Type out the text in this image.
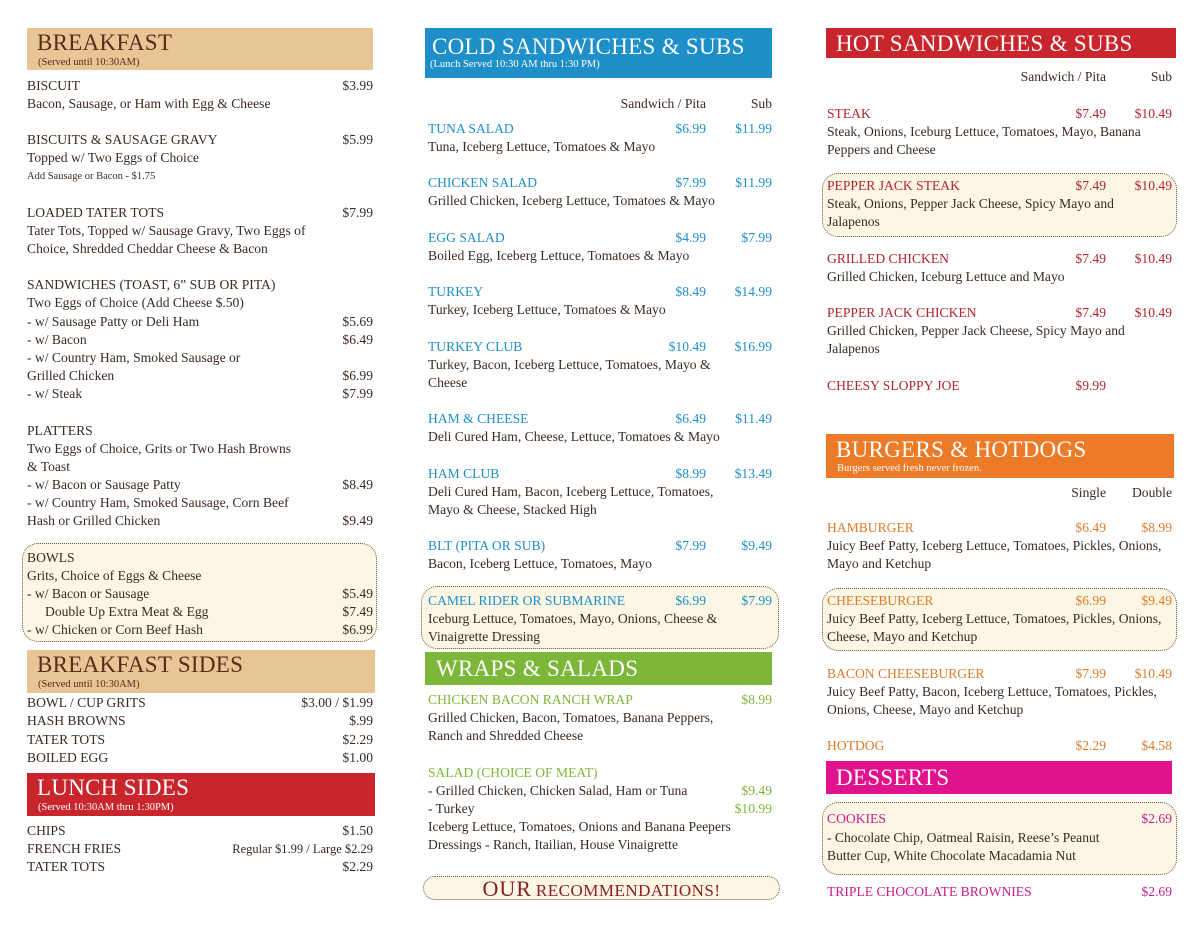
BREAKFAST
(Served until 10:30AM)
BISCUIT	$3.99
Bacon, Sausage, or Ham with Egg & Cheese
BISCUITS & SAUSAGE GRAVY	$5.99
Topped w/ Two Eggs of Choice
Add Sausage or Bacon - $1.75
LOADED TATER TOTS	$7.99
Tater Tots, Topped w/ Sausage Gravy, Two Eggs of
Choice, Shredded Cheddar Cheese & Bacon
SANDWICHES (TOAST, 6” SUB OR PITA)
Two Eggs of Choice (Add Cheese $.50)
- w/ Sausage Patty or Deli Ham	$5.69
- w/ Bacon	$6.49
- w/ Country Ham, Smoked Sausage or
Grilled Chicken	$6.99
- w/ Steak	$7.99
PLATTERS
Two Eggs of Choice, Grits or Two Hash Browns
& Toast
- w/ Bacon or Sausage Patty	$8.49
- w/ Country Ham, Smoked Sausage, Corn Beef
Hash or Grilled Chicken	$9.49
BOWLS
Grits, Choice of Eggs & Cheese
- w/ Bacon or Sausage	$5.49
Double Up Extra Meat & Egg	$7.49
- w/ Chicken or Corn Beef Hash	$6.99
BREAKFAST SIDES
(Served until 10:30AM)
BOWL / CUP GRITS	$3.00 / $1.99
HASH BROWNS	$.99
TATER TOTS	$2.29
BOILED EGG	$1.00
LUNCH SIDES
(Served 10:30AM thru 1:30PM)
CHIPS	$1.50
FRENCH FRIES	Regular $1.99 / Large $2.29
TATER TOTS	$2.29
COLD SANDWICHES & SUBS
(Lunch Served 10:30 AM thru 1:30 PM)
Sandwich / Pita	Sub
TUNA SALAD	$6.99 $11.99
Tuna, Iceberg Lettuce, Tomatoes & Mayo
CHICKEN SALAD	$7.99 $11.99
Grilled Chicken, Iceberg Lettuce, Tomatoes & Mayo
EGG SALAD	$4.99	$7.99
Boiled Egg, Iceberg Lettuce, Tomatoes & Mayo
TURKEY	$8.49 $14.99
Turkey, Iceberg Lettuce, Tomatoes & Mayo
TURKEY CLUB	$10.49 $16.99
Turkey, Bacon, Iceberg Lettuce, Tomatoes, Mayo &
Cheese
HAM & CHEESE	$6.49 $11.49
Deli Cured Ham, Cheese, Lettuce, Tomatoes & Mayo
HAM CLUB	$8.99 $13.49
Deli Cured Ham, Bacon, Iceberg Lettuce, Tomatoes,
Mayo & Cheese, Stacked High
BLT (PITA OR SUB)	$7.99	$9.49
Bacon, Iceberg Lettuce, Tomatoes, Mayo
CAMEL RIDER OR SUBMARINE	$6.99	$7.99
Iceburg Lettuce, Tomatoes, Mayo, Onions, Cheese &
Vinaigrette Dressing
WRAPS & SALADS
CHICKEN BACON RANCH WRAP	$8.99
Grilled Chicken, Bacon, Tomatoes, Banana Peppers,
Ranch and Shredded Cheese
SALAD (CHOICE OF MEAT)
- Grilled Chicken, Chicken Salad, Ham or Tuna	$9.49
- Turkey	$10.99
Iceberg Lettuce, Tomatoes, Onions and Banana Peepers
Dressings - Ranch, Itailian, House Vinaigrette
OUR RECOMMENDATIONS!
HOT SANDWICHES & SUBS
Sandwich / Pita	Sub
STEAK	$7.49 $10.49
Steak, Onions, Iceburg Lettuce, Tomatoes, Mayo, Banana
Peppers and Cheese
PEPPER JACK STEAK	$7.49 $10.49
Steak, Onions, Pepper Jack Cheese, Spicy Mayo and
Jalapenos
GRILLED CHICKEN	$7.49 $10.49
Grilled Chicken, Iceburg Lettuce and Mayo
PEPPER JACK CHICKEN	$7.49 $10.49
Grilled Chicken, Pepper Jack Cheese, Spicy Mayo and
Jalapenos
CHEESY SLOPPY JOE	$9.99
BURGERS & HOTDOGS
Burgers served fresh never frozen.
Single Double
HAMBURGER	$6.49	$8.99
Juicy Beef Patty, Iceberg Lettuce, Tomatoes, Pickles, Onions,
Mayo and Ketchup
CHEESEBURGER	$6.99	$9.49
Juicy Beef Patty, Iceberg Lettuce, Tomatoes, Pickles, Onions,
Cheese, Mayo and Ketchup
BACON CHEESEBURGER	$7.99 $10.49
Juicy Beef Patty, Bacon, Iceberg Lettuce, Tomatoes, Pickles,
Onions, Cheese, Mayo and Ketchup
HOTDOG	$2.29	$4.58
DESSERTS
COOKIES	$2.69
- Chocolate Chip, Oatmeal Raisin, Reese’s Peanut
Butter Cup, White Chocolate Macadamia Nut
TRIPLE CHOCOLATE BROWNIES	$2.69
